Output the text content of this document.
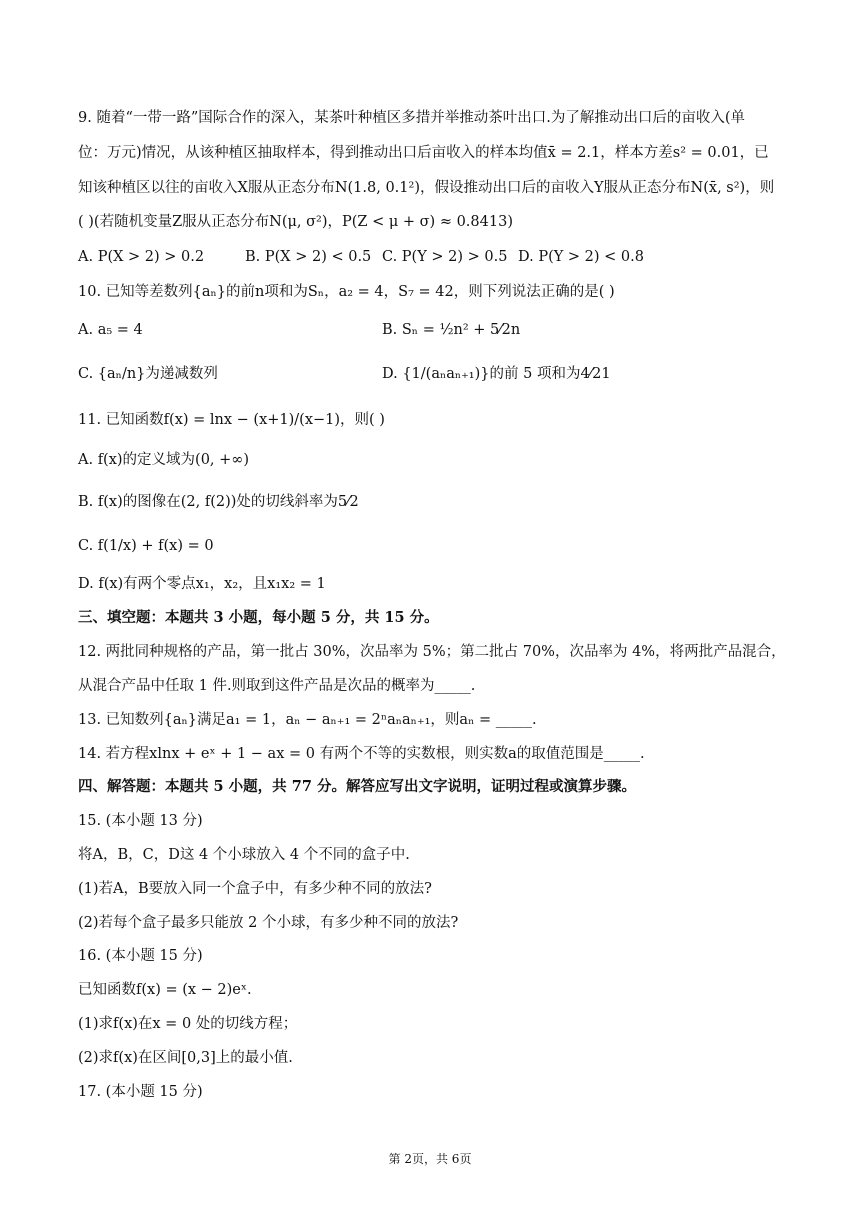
9. 随着“一带一路”国际合作的深入，某茶叶种植区多措并举推动茶叶出口.为了解推动出口后的亩收入(单
位：万元)情况，从该种植区抽取样本，得到推动出口后亩收入的样本均值x̄ = 2.1，样本方差s² = 0.01，已
知该种植区以往的亩收入X服从正态分布N(1.8, 0.1²)，假设推动出口后的亩收入Y服从正态分布N(x̄, s²)，则
( )(若随机变量Z服从正态分布N(μ, σ²)，P(Z < μ + σ) ≈ 0.8413)
A. P(X > 2) > 0.2	B. P(X > 2) < 0.5 C. P(Y > 2) > 0.5 D. P(Y > 2) < 0.8
10. 已知等差数列{aₙ}的前n项和为Sₙ，a₂ = 4，S₇ = 42，则下列说法正确的是( )
A. a₅ = 4	B. Sₙ = ½n² + 5⁄2n
C. {aₙ/n}为递减数列	D. {1/(aₙaₙ₊₁)}的前 5 项和为4⁄21
11. 已知函数f(x) = lnx − (x+1)/(x−1)，则( )
A. f(x)的定义域为(0, +∞)
B. f(x)的图像在(2, f(2))处的切线斜率为5⁄2
C. f(1/x) + f(x) = 0
D. f(x)有两个零点x₁，x₂，且x₁x₂ = 1
三、填空题：本题共 3 小题，每小题 5 分，共 15 分。
12. 两批同种规格的产品，第一批占 30%，次品率为 5%；第二批占 70%，次品率为 4%，将两批产品混合，
从混合产品中任取 1 件.则取到这件产品是次品的概率为_____.
13. 已知数列{aₙ}满足a₁ = 1，aₙ − aₙ₊₁ = 2ⁿaₙaₙ₊₁，则aₙ = _____.
14. 若方程xlnx + eˣ + 1 − ax = 0 有两个不等的实数根，则实数a的取值范围是_____.
四、解答题：本题共 5 小题，共 77 分。解答应写出文字说明，证明过程或演算步骤。
15. (本小题 13 分)
将A，B，C，D这 4 个小球放入 4 个不同的盒子中.
(1)若A，B要放入同一个盒子中，有多少种不同的放法?
(2)若每个盒子最多只能放 2 个小球，有多少种不同的放法?
16. (本小题 15 分)
已知函数f(x) = (x − 2)eˣ.
(1)求f(x)在x = 0 处的切线方程；
(2)求f(x)在区间[0,3]上的最小值.
17. (本小题 15 分)
第 2页，共 6页
